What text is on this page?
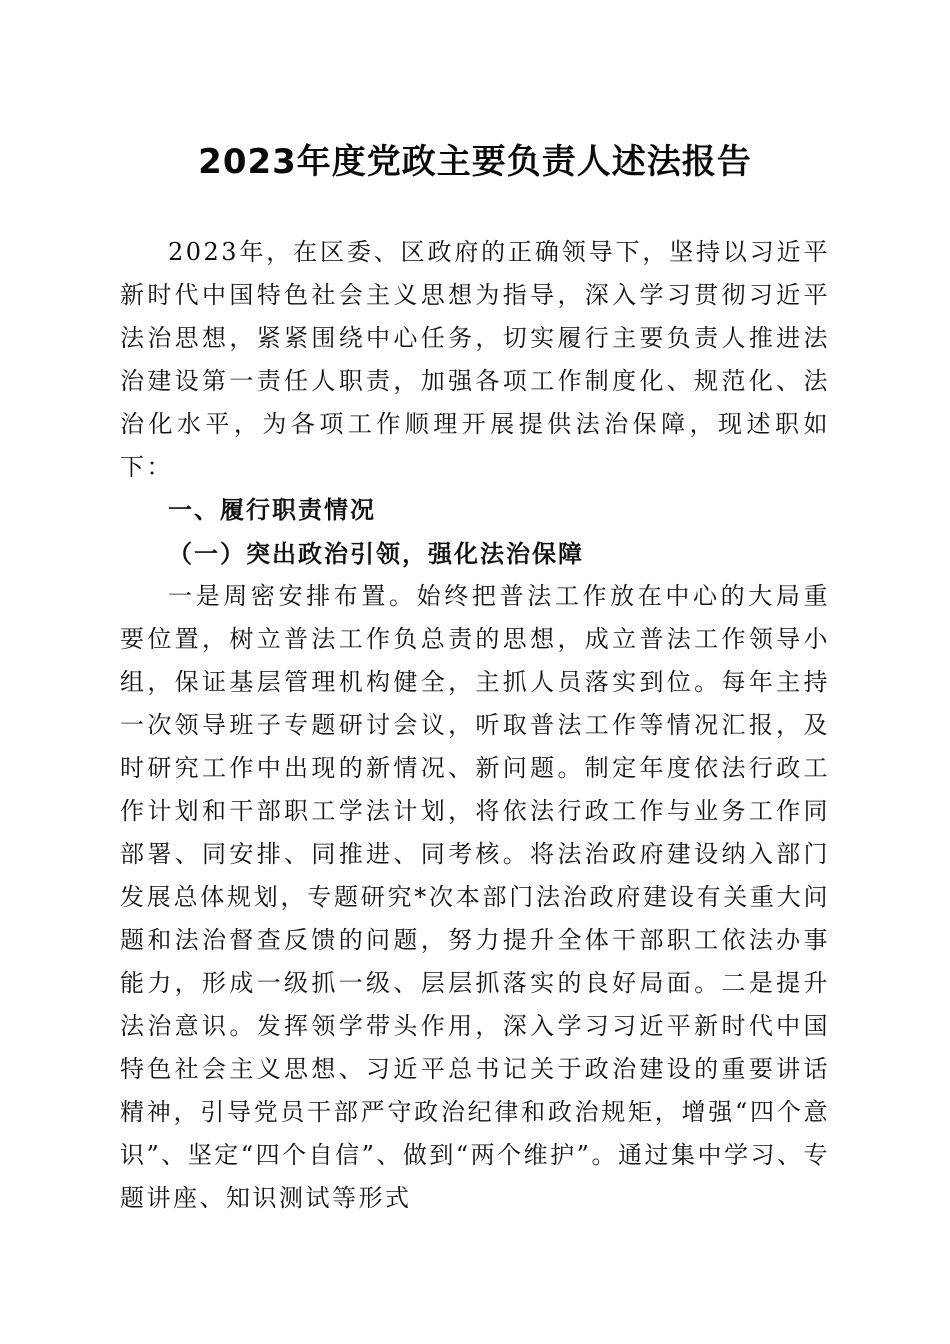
2023年度党政主要负责人述法报告

2023年，在区委、区政府的正确领导下，坚持以习近平新时代中国特色社会主义思想为指导，深入学习贯彻习近平法治思想，紧紧围绕中心任务，切实履行主要负责人推进法治建设第一责任人职责，加强各项工作制度化、规范化、法治化水平，为各项工作顺理开展提供法治保障，现述职如下：

一、履行职责情况

（一）突出政治引领，强化法治保障

一是周密安排布置。始终把普法工作放在中心的大局重要位置，树立普法工作负总责的思想，成立普法工作领导小组，保证基层管理机构健全，主抓人员落实到位。每年主持一次领导班子专题研讨会议，听取普法工作等情况汇报，及时研究工作中出现的新情况、新问题。制定年度依法行政工作计划和干部职工学法计划，将依法行政工作与业务工作同部署、同安排、同推进、同考核。将法治政府建设纳入部门发展总体规划，专题研究*次本部门法治政府建设有关重大问题和法治督查反馈的问题，努力提升全体干部职工依法办事能力，形成一级抓一级、层层抓落实的良好局面。二是提升法治意识。发挥领学带头作用，深入学习习近平新时代中国特色社会主义思想、习近平总书记关于政治建设的重要讲话精神，引导党员干部严守政治纪律和政治规矩，增强“四个意识”、坚定“四个自信”、做到“两个维护”。通过集中学习、专题讲座、知识测试等形式
